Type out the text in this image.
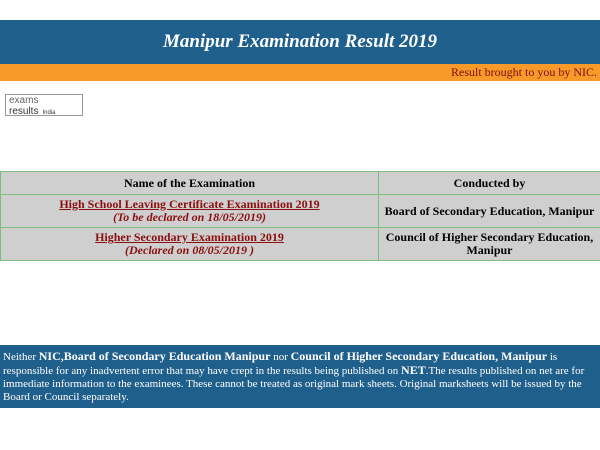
Manipur Examination Result 2019
Result brought to you by NIC.
exams
results India
Name of the Examination	Conducted by

High School Leaving Certificate Examination 2019
(To be declared on 18/05/2019)	Board of Secondary Education, Manipur

Higher Secondary Examination 2019
(Declared on 08/05/2019 )	Council of Higher Secondary Education, Manipur
Neither NIC,Board of Secondary Education Manipur nor Council of Higher Secondary Education, Manipur is responsible for any inadvertent error that may have crept in the results being published on NET.The results published on net are for immediate information to the examinees. These cannot be treated as original mark sheets. Original marksheets will be issued by the Board or Council separately.
